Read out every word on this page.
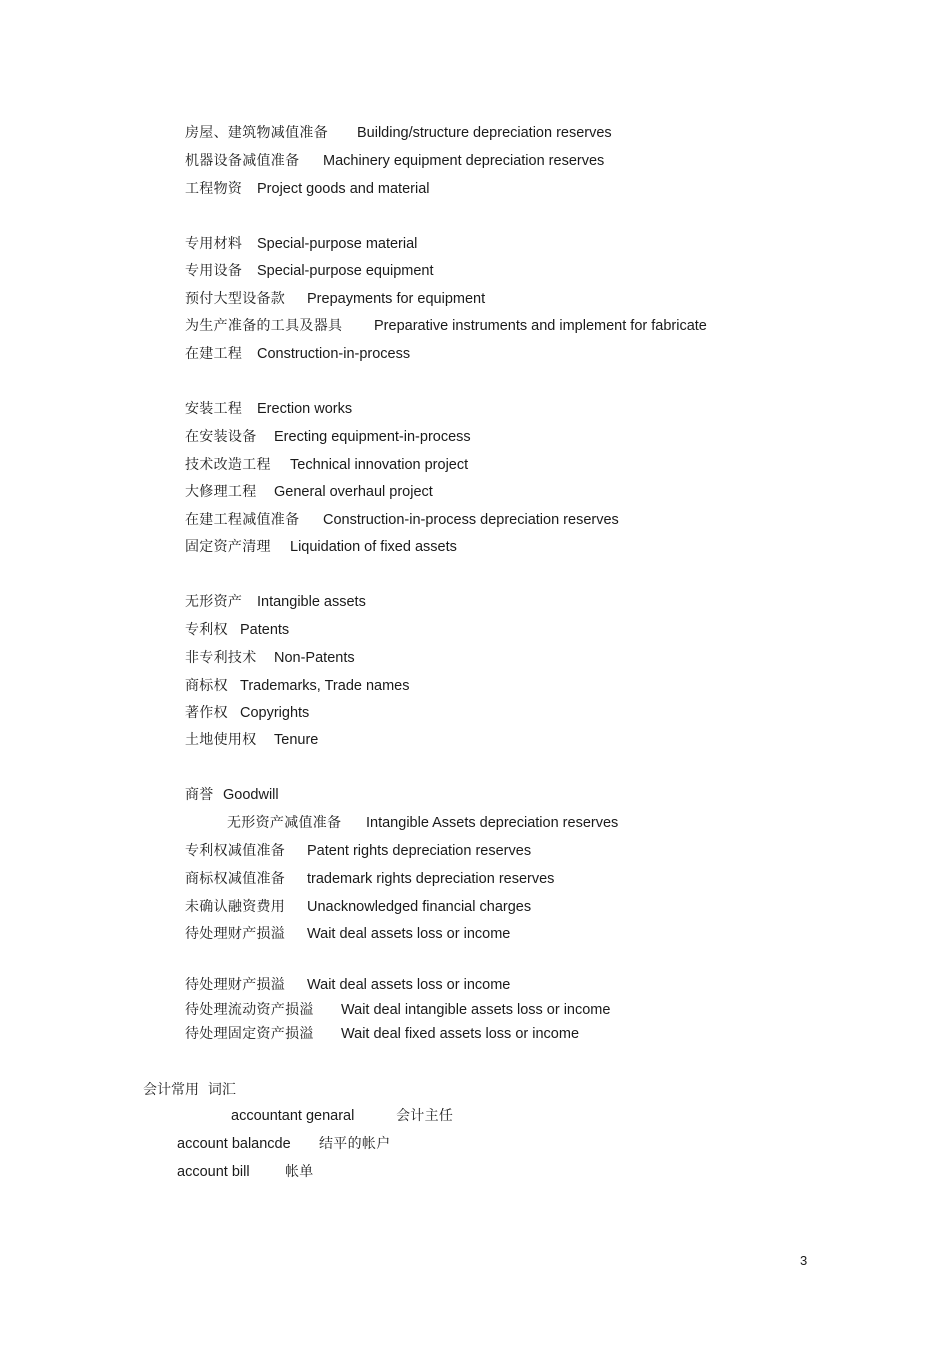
房屋、建筑物减值准备 Building/structure depreciation reserves
机器设备减值准备 Machinery equipment depreciation reserves
工程物资 Project goods and material
专用材料 Special-purpose material
专用设备 Special-purpose equipment
预付大型设备款 Prepayments for equipment
为生产准备的工具及器具 Preparative instruments and implement for fabricate
在建工程 Construction-in-process
安装工程 Erection works
在安装设备 Erecting equipment-in-process
技术改造工程 Technical innovation project
大修理工程 General overhaul project
在建工程减值准备 Construction-in-process depreciation reserves
固定资产清理 Liquidation of fixed assets
无形资产 Intangible assets
专利权 Patents
非专利技术 Non-Patents
商标权 Trademarks, Trade names
著作权 Copyrights
土地使用权 Tenure
商誉 Goodwill
无形资产减值准备 Intangible Assets depreciation reserves
专利权减值准备 Patent rights depreciation reserves
商标权减值准备 trademark rights depreciation reserves
未确认融资费用 Unacknowledged financial charges
待处理财产损溢 Wait deal assets loss or income
待处理财产损溢 Wait deal assets loss or income
待处理流动资产损溢 Wait deal intangible assets loss or income
待处理固定资产损溢 Wait deal fixed assets loss or income
会计常用  词汇
accountant genaral	会计主任
account balancde 结平的帐户
account bill	帐单
3
